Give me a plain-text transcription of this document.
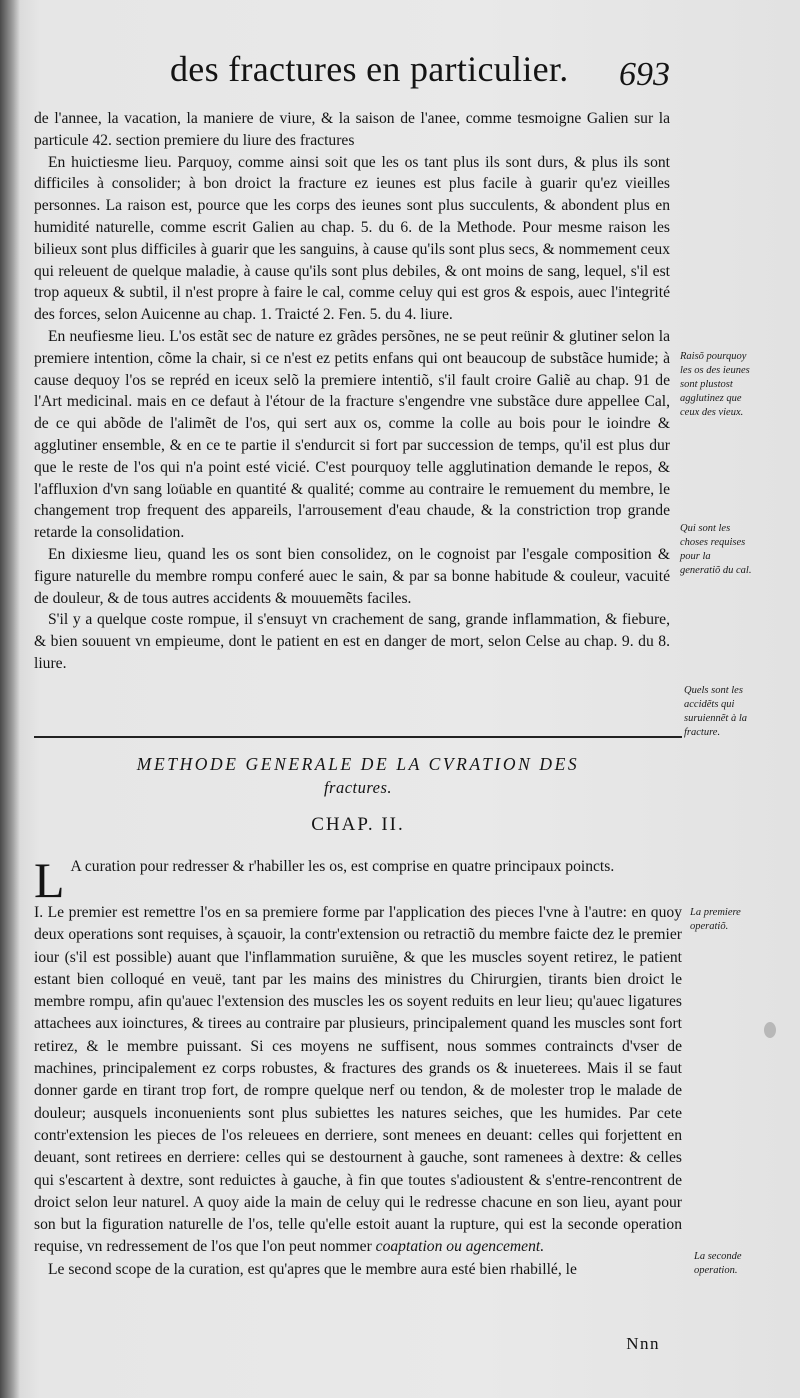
des fractures en particulier. 693

de l'annee, la vacation, la maniere de viure, & la saison de l'anee, comme tesmoigne Galien sur la particule 42. section premiere du liure des fractures

En huictiesme lieu. Parquoy, comme ainsi soit que les os tant plus ils sont durs, & plus ils sont difficiles à consolider; à bon droict la fracture ez ieunes est plus facile à guarir qu'ez vieilles personnes. La raison est, pource que les corps des ieunes sont plus succulents, & abondent plus en humidité naturelle, comme escrit Galien au chap. 5. du 6. de la Methode. Pour mesme raison les bilieux sont plus difficiles à guarir que les sanguins, à cause qu'ils sont plus secs, & nommement ceux qui releuent de quelque maladie, à cause qu'ils sont plus debiles, & ont moins de sang, lequel, s'il est trop aqueux & subtil, il n'est propre à faire le cal, comme celuy qui est gros & espois, auec l'integrité des forces, selon Auicenne au chap. 1. Traicté 2. Fen. 5. du 4. liure.

En neufiesme lieu. L'os estãt sec de nature ez grãdes persõnes, ne se peut reünir & glutiner selon la premiere intention, cõme la chair, si ce n'est ez petits enfans qui ont beaucoup de substãce humide; à cause dequoy l'os se repréd en iceux selõ la premiere intentiõ, s'il fault croire Galiẽ au chap. 91 de l'Art medicinal. mais en ce defaut à l'étour de la fracture s'engendre vne substãce dure appellee Cal, de ce qui abõde de l'alimẽt de l'os, qui sert aux os, comme la colle au bois pour le ioindre & agglutiner ensemble, & en ce te partie il s'endurcit si fort par succession de temps, qu'il est plus dur que le reste de l'os qui n'a point esté vicié. C'est pourquoy telle agglutination demande le repos, & l'affluxion d'vn sang loüable en quantité & qualité; comme au contraire le remuement du membre, le changement trop frequent des appareils, l'arrousement d'eau chaude, & la constriction trop grande retarde la consolidation.

En dixiesme lieu, quand les os sont bien consolidez, on le cognoist par l'esgale composition & figure naturelle du membre rompu conferé auec le sain, & par sa bonne habitude & couleur, vacuité de douleur, & de tous autres accidents & mouuemẽts faciles.

S'il y a quelque coste rompue, il s'ensuyt vn crachement de sang, grande inflammation, & fiebure, & bien souuent vn empieume, dont le patient en est en danger de mort, selon Celse au chap. 9. du 8. liure.

Raisõ pourquoy les os des ieunes sont plustost agglutinez que ceux des vieux.
Qui sont les choses requises pour la generatiõ du cal.
Quels sont les accidẽts qui suruiennẽt à la fracture.
METHODE GENERALE DE LA CVRATION DES
fractures.
CHAP. II.

L A curation pour redresser & r'habiller les os, est comprise en quatre principaux poincts.

I. Le premier est remettre l'os en sa premiere forme par l'application des pieces l'vne à l'autre: en quoy deux operations sont requises, à sçauoir, la contr'extension ou retractiõ du membre faicte dez le premier iour (s'il est possible) auant que l'inflammation suruiẽne, & que les muscles soyent retirez, le patient estant bien colloqué en veuë, tant par les mains des ministres du Chirurgien, tirants bien droict le membre rompu, afin qu'auec l'extension des muscles les os soyent reduits en leur lieu; qu'auec ligatures attachees aux ioinctures, & tirees au contraire par plusieurs, principalement quand les muscles sont fort retirez, & le membre puissant. Si ces moyens ne suffisent, nous sommes contraincts d'vser de machines, principalement ez corps robustes, & fractures des grands os & inueterees. Mais il se faut donner garde en tirant trop fort, de rompre quelque nerf ou tendon, & de molester trop le malade de douleur; ausquels inconuenients sont plus subiettes les natures seiches, que les humides. Par cete contr'extension les pieces de l'os releuees en derriere, sont menees en deuant: celles qui forjettent en deuant, sont retirees en derriere: celles qui se destournent à gauche, sont ramenees à dextre: & celles qui s'escartent à dextre, sont reduictes à gauche, à fin que toutes s'adioustent & s'entre-rencontrent de droict selon leur naturel. A quoy aide la main de celuy qui le redresse chacune en son lieu, ayant pour son but la figuration naturelle de l'os, telle qu'elle estoit auant la rupture, qui est la seconde operation requise, vn redressement de l'os que l'on peut nommer coaptation ou agencement.

Le second scope de la curation, est qu'apres que le membre aura esté bien rhabillé, le

La premiere operatiõ.
La seconde operation.
Nnn
